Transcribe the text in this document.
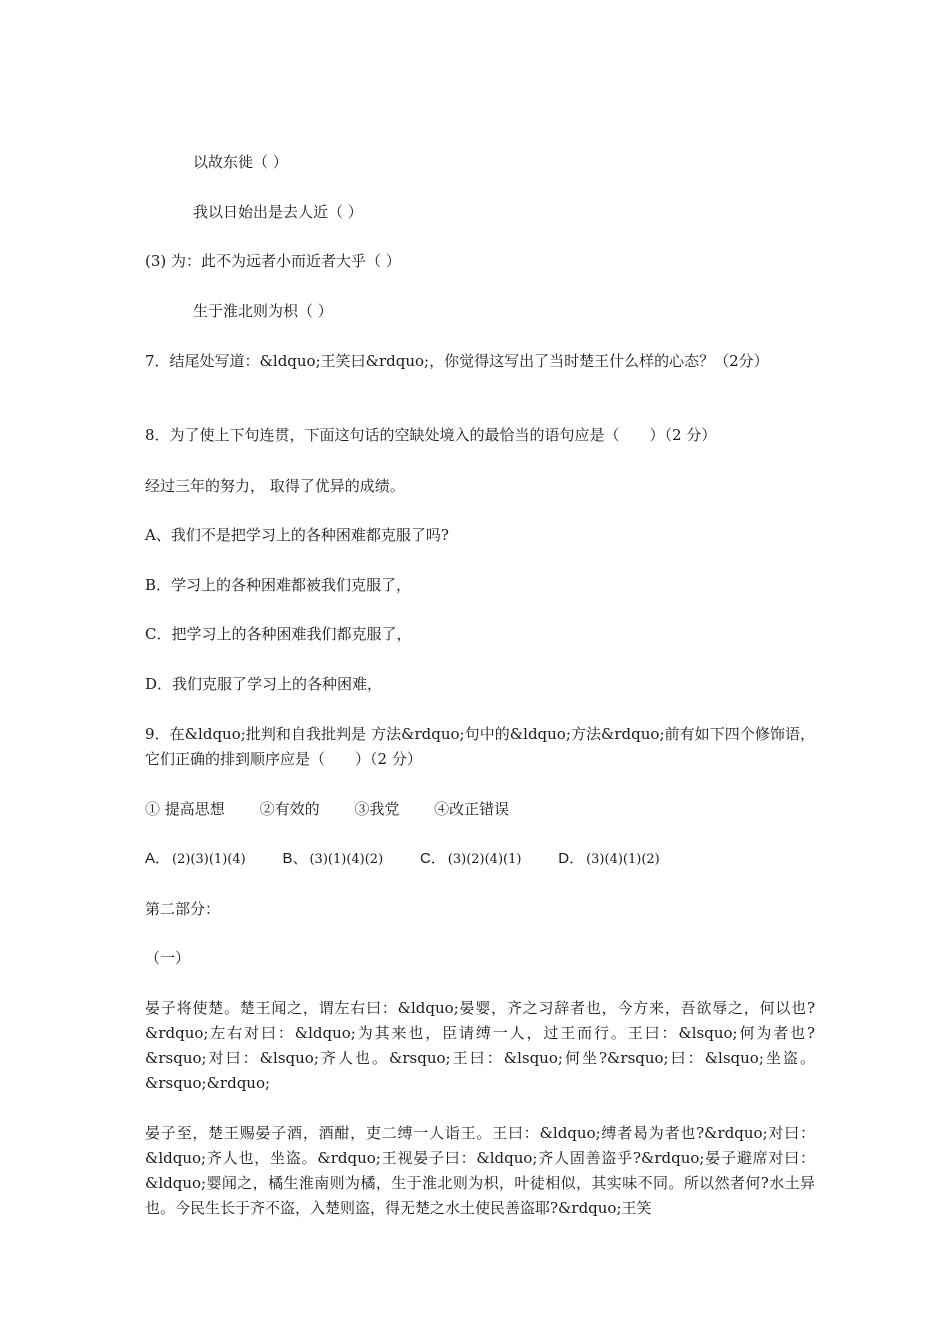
以故东徙（ ）
我以日始出是去人近（ ）
(3) 为：此不为远者小而近者大乎（ ）
生于淮北则为枳（ ）
7．结尾处写道：&ldquo;王笑曰&rdquo;，你觉得这写出了当时楚王什么样的心态？（2分）
8．为了使上下句连贯，下面这句话的空缺处境入的最恰当的语句应是（　　）（2 分）
经过三年的努力， 取得了优异的成绩。
A、我们不是把学习上的各种困难都克服了吗?
B．学习上的各种困难都被我们克服了，
C．把学习上的各种困难我们都克服了，
D．我们克服了学习上的各种困难，
9．在&ldquo;批判和自我批判是 方法&rdquo;句中的&ldquo;方法&rdquo;前有如下四个修饰语，它们正确的排到顺序应是（　　）（2 分）
① 提高思想 ②有效的 ③我党 ④改正错误
A． (2)(3)(1)(4) B、 (3)(1)(4)(2) C． (3)(2)(4)(1) D． (3)(4)(1)(2)
第二部分：
（一）
晏子将使楚。楚王闻之，谓左右曰：&ldquo;晏婴，齐之习辞者也，今方来，吾欲辱之，何以也?&rdquo;左右对曰：&ldquo;为其来也，臣请缚一人，过王而行。王曰：&lsquo;何为者也?&rsquo;对曰：&lsquo;齐人也。&rsquo;王曰：&lsquo;何坐?&rsquo;曰：&lsquo;坐盗。&rsquo;&rdquo;
晏子至，楚王赐晏子酒，酒酣，吏二缚一人诣王。王曰：&ldquo;缚者曷为者也?&rdquo;对曰：&ldquo;齐人也，坐盗。&rdquo;王视晏子曰：&ldquo;齐人固善盗乎?&rdquo;晏子避席对曰：&ldquo;婴闻之，橘生淮南则为橘，生于淮北则为枳，叶徒相似，其实味不同。所以然者何?水土异也。今民生长于齐不盗，入楚则盗，得无楚之水土使民善盗耶?&rdquo;王笑
